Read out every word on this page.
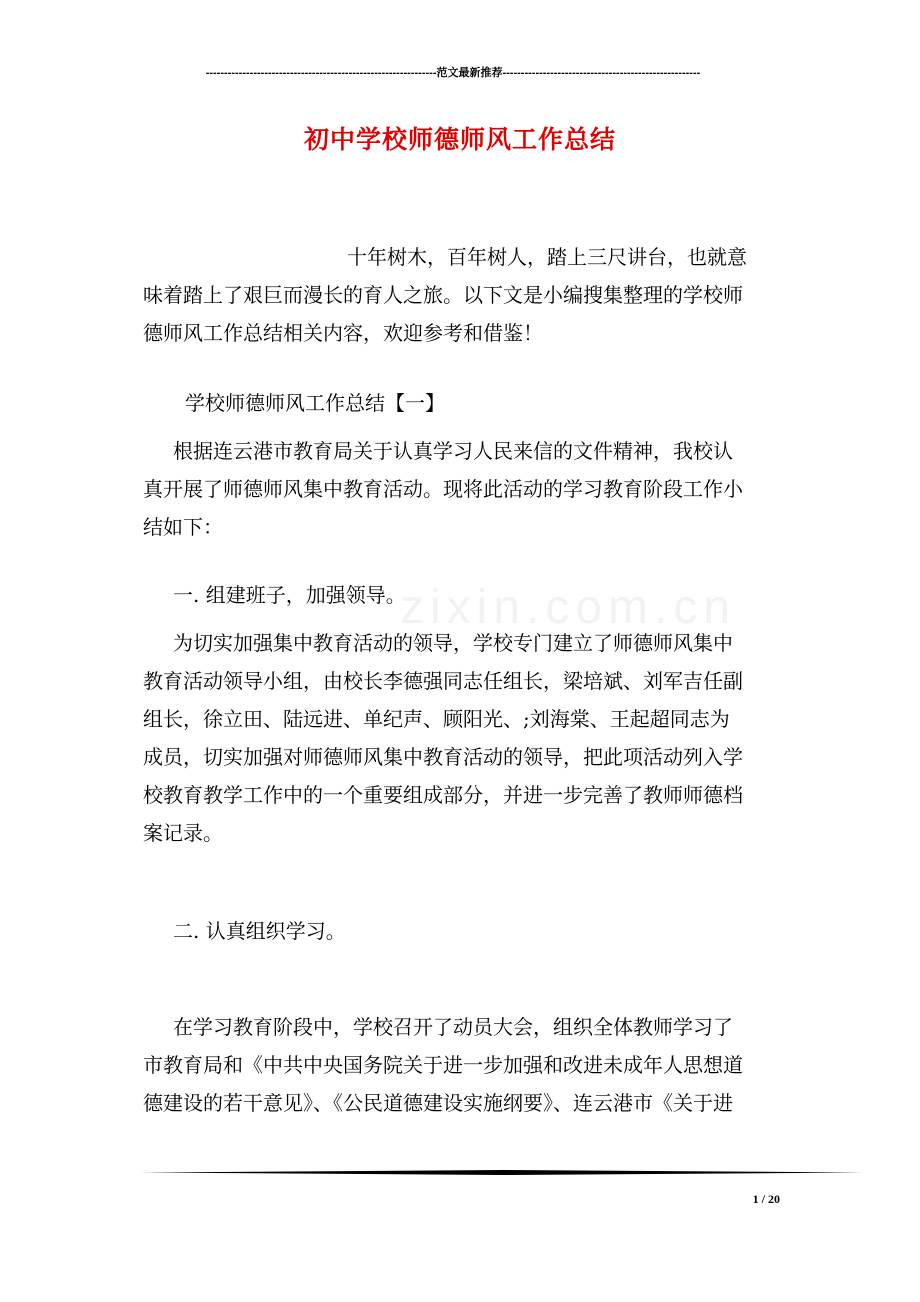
---------------------------------------------------------------范文最新推荐------------------------------------------------------
初中学校师德师风工作总结
zixin.com.cn
十年树木，百年树人，踏上三尺讲台，也就意
味着踏上了艰巨而漫长的育人之旅。以下文是小编搜集整理的学校师
德师风工作总结相关内容，欢迎参考和借鉴！
学校师德师风工作总结【一】
根据连云港市教育局关于认真学习人民来信的文件精神，我校认
真开展了师德师风集中教育活动。现将此活动的学习教育阶段工作小
结如下：
一. 组建班子，加强领导。
为切实加强集中教育活动的领导，学校专门建立了师德师风集中
教育活动领导小组，由校长李德强同志任组长，梁培斌、刘军吉任副
组长，徐立田、陆远进、单纪声、顾阳光、;刘海棠、王起超同志为
成员，切实加强对师德师风集中教育活动的领导，把此项活动列入学
校教育教学工作中的一个重要组成部分，并进一步完善了教师师德档
案记录。
二. 认真组织学习。
在学习教育阶段中，学校召开了动员大会，组织全体教师学习了
市教育局和《中共中央国务院关于进一步加强和改进未成年人思想道
德建设的若干意见》、《公民道德建设实施纲要》、连云港市《关于进
1 / 20
